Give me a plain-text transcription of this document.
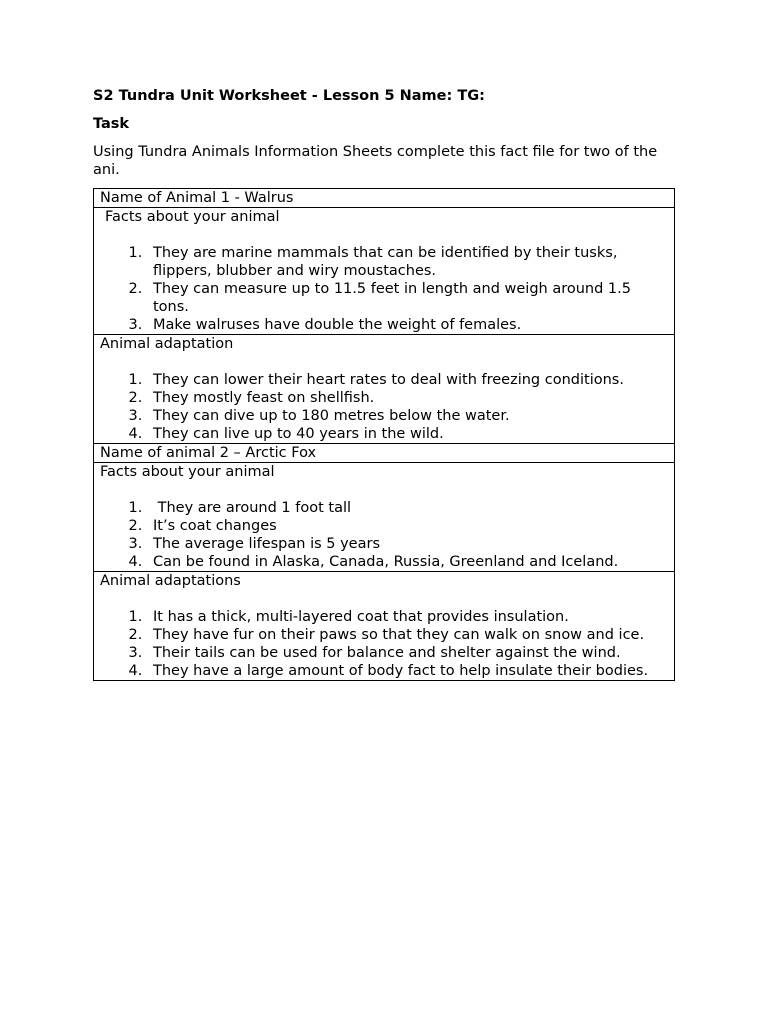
S2 Tundra Unit Worksheet - Lesson 5 Name: TG:

Task

Using Tundra Animals Information Sheets complete this fact file for two of the ani.

Name of Animal 1 - Walrus

Facts about your animal
1. They are marine mammals that can be identified by their tusks, flippers, blubber and wiry moustaches.
2. They can measure up to 11.5 feet in length and weigh around 1.5 tons.
3. Make walruses have double the weight of females.

Animal adaptation
1. They can lower their heart rates to deal with freezing conditions.
2. They mostly feast on shellfish.
3. They can dive up to 180 metres below the water.
4. They can live up to 40 years in the wild.

Name of animal 2 – Arctic Fox

Facts about your animal
1.  They are around 1 foot tall
2. It’s coat changes
3. The average lifespan is 5 years
4. Can be found in Alaska, Canada, Russia, Greenland and Iceland.

Animal adaptations
1. It has a thick, multi-layered coat that provides insulation.
2. They have fur on their paws so that they can walk on snow and ice.
3. Their tails can be used for balance and shelter against the wind.
4. They have a large amount of body fact to help insulate their bodies.
